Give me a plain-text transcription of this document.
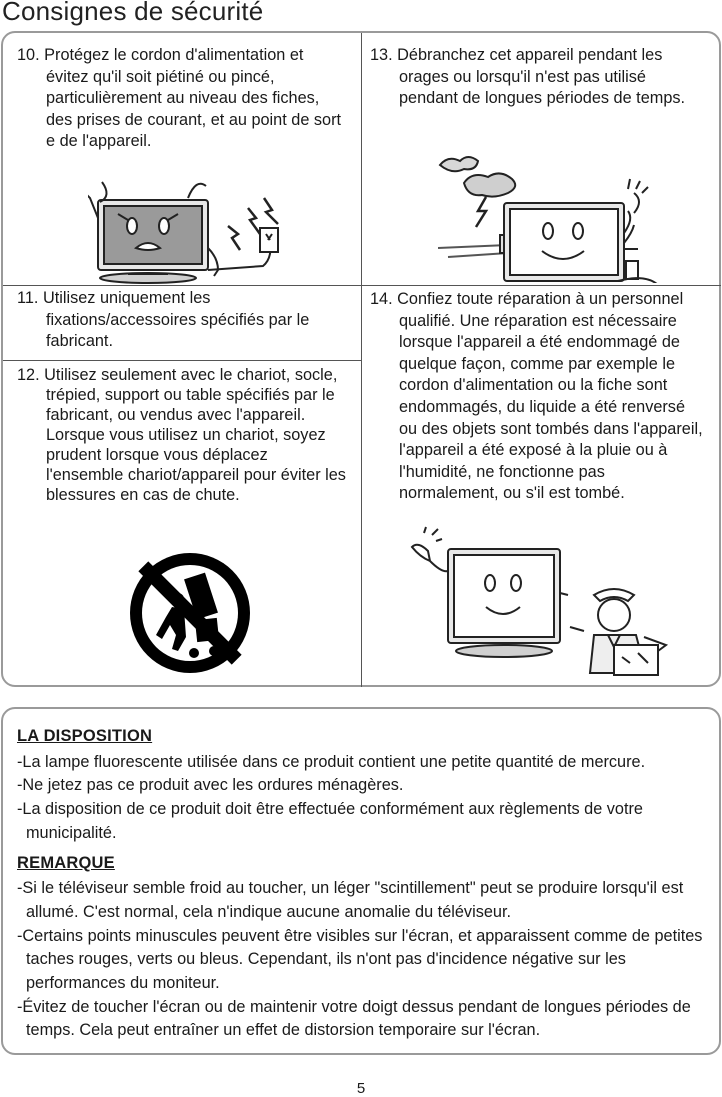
Consignes de sécurité

10. Protégez le cordon d'alimentation et évitez qu'il soit piétiné ou pincé, particulièrement au niveau des fiches, des prises de courant, et au point de sort e de l'appareil.

13. Débranchez cet appareil pendant les orages ou lorsqu'il n'est pas utilisé pendant de longues périodes de temps.

11. Utilisez uniquement les fixations/accessoires spécifiés par le fabricant.

12. Utilisez seulement avec le chariot, socle, trépied, support ou table spécifiés par le fabricant, ou vendus avec l'appareil. Lorsque vous utilisez un chariot, soyez prudent lorsque vous déplacez l'ensemble chariot/appareil pour éviter les blessures en cas de chute.

14. Confiez toute réparation à un personnel qualifié. Une réparation est nécessaire lorsque l'appareil a été endommagé de quelque façon, comme par exemple le cordon d'alimentation ou la fiche sont endommagés, du liquide a été renversé ou des objets sont tombés dans l'appareil, l'appareil a été exposé à la pluie ou à l'humidité, ne fonctionne pas normalement, ou s'il est tombé.

LA DISPOSITION

-La lampe fluorescente utilisée dans ce produit contient une petite quantité de mercure.

-Ne jetez pas ce produit avec les ordures ménagères.

-La disposition de ce produit doit être effectuée conformément aux règlements de votre municipalité.

REMARQUE

-Si le téléviseur semble froid au toucher, un léger "scintillement" peut se produire lorsqu'il est allumé. C'est normal, cela n'indique aucune anomalie du téléviseur.

-Certains points minuscules peuvent être visibles sur l'écran, et apparaissent comme de petites taches rouges, verts ou bleus. Cependant, ils n'ont pas d'incidence négative sur les performances du moniteur.

-Évitez de toucher l'écran ou de maintenir votre doigt dessus pendant de longues périodes de temps. Cela peut entraîner un effet de distorsion temporaire sur l'écran.

5
